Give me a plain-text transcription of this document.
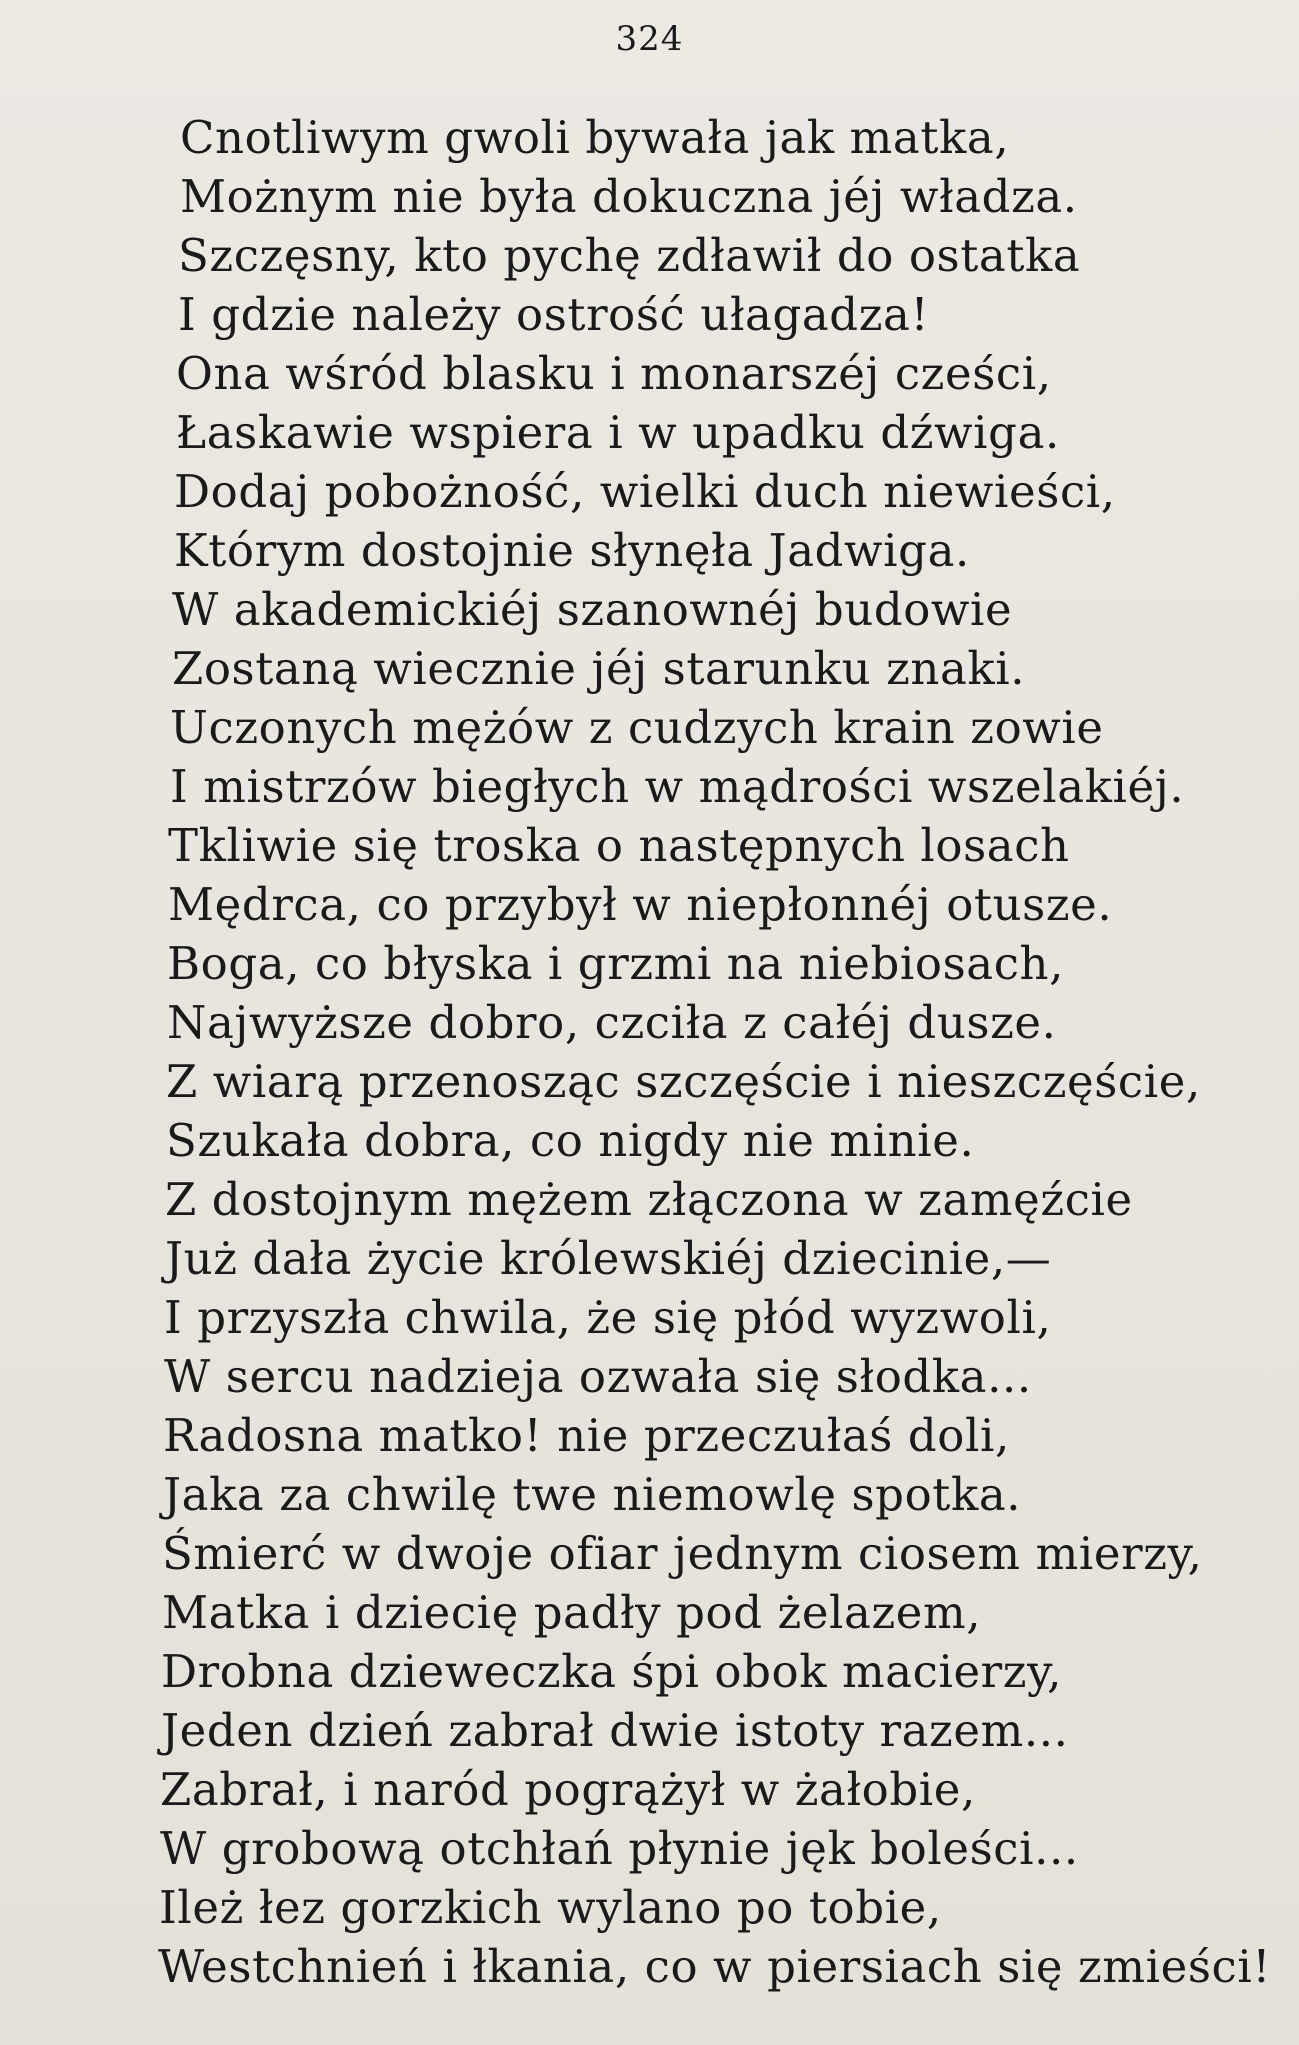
324
Cnotliwym gwoli bywała jak matka,
Możnym nie była dokuczna jéj władza.
Szczęsny, kto pychę zdławił do ostatka
I gdzie należy ostrość ułagadza!
Ona wśród blasku i monarszéj cześci,
Łaskawie wspiera i w upadku dźwiga.
Dodaj pobożność, wielki duch niewieści,
Którym dostojnie słynęła Jadwiga.
W akademickiéj szanownéj budowie
Zostaną wiecznie jéj starunku znaki.
Uczonych mężów z cudzych krain zowie
I mistrzów biegłych w mądrości wszelakiéj.
Tkliwie się troska o następnych losach
Mędrca, co przybył w niepłonnéj otusze.
Boga, co błyska i grzmi na niebiosach,
Najwyższe dobro, czciła z całéj dusze.
Z wiarą przenosząc szczęście i nieszczęście,
Szukała dobra, co nigdy nie minie.
Z dostojnym mężem złączona w zamęźcie
Już dała życie królewskiéj dziecinie,—
I przyszła chwila, że się płód wyzwoli,
W sercu nadzieja ozwała się słodka...
Radosna matko! nie przeczułaś doli,
Jaka za chwilę twe niemowlę spotka.
Śmierć w dwoje ofiar jednym ciosem mierzy,
Matka i dziecię padły pod żelazem,
Drobna dzieweczka śpi obok macierzy,
Jeden dzień zabrał dwie istoty razem...
Zabrał, i naród pogrążył w żałobie,
W grobową otchłań płynie jęk boleści...
Ileż łez gorzkich wylano po tobie,
Westchnień i łkania, co w piersiach się zmieści!
